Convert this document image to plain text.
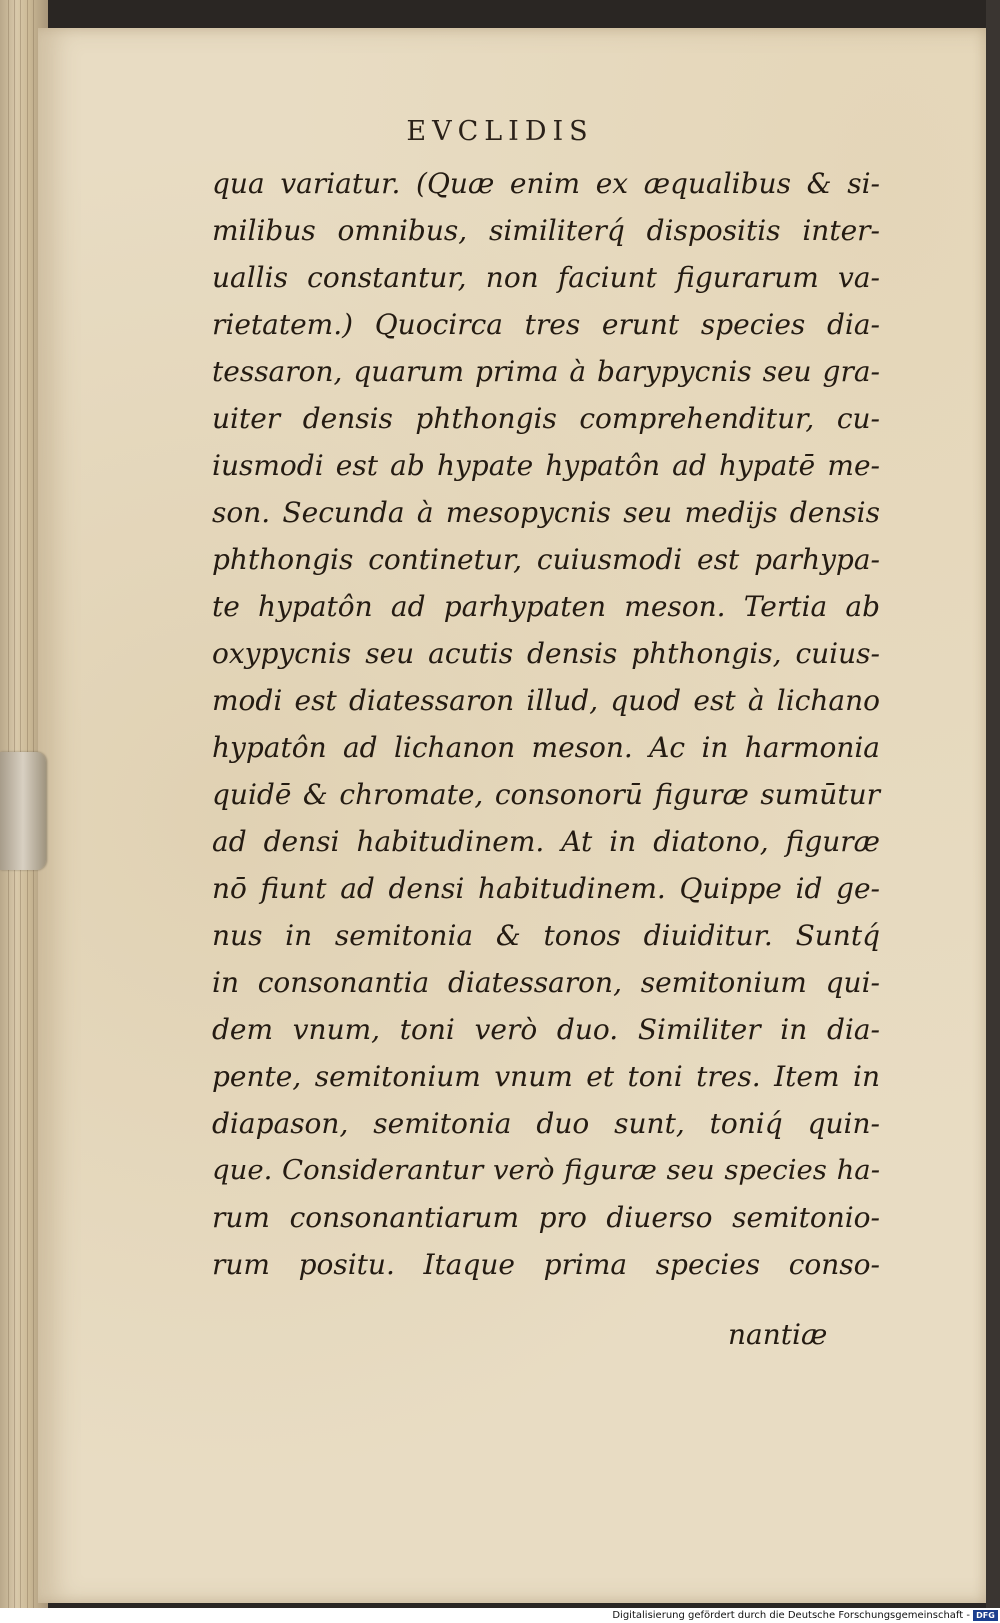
EVCLIDIS
qua variatur. (Quæ enim ex æqualibus & si-
milibus omnibus, similiterq́ dispositis inter-
uallis constantur, non faciunt figurarum va-
rietatem.) Quocirca tres erunt species dia-
tessaron, quarum prima à barypycnis seu gra-
uiter densis phthongis comprehenditur, cu-
iusmodi est ab hypate hypatôn ad hypatē me-
son. Secunda à mesopycnis seu medijs densis
phthongis continetur, cuiusmodi est parhypa-
te hypatôn ad parhypaten meson. Tertia ab
oxypycnis seu acutis densis phthongis, cuius-
modi est diatessaron illud, quod est à lichano
hypatôn ad lichanon meson. Ac in harmonia
quidē & chromate, consonorū figuræ sumūtur
ad densi habitudinem. At in diatono, figuræ
nō fiunt ad densi habitudinem. Quippe id ge-
nus in semitonia & tonos diuiditur. Suntq́
in consonantia diatessaron, semitonium qui-
dem vnum, toni verò duo. Similiter in dia-
pente, semitonium vnum et toni tres. Item in
diapason, semitonia duo sunt, toniq́ quin-
que. Considerantur verò figuræ seu species ha-
rum consonantiarum pro diuerso semitonio-
rum positu. Itaque prima species conso-
nantiæ
Digitalisierung gefördert durch die Deutsche Forschungsgemeinschaft - DFG
